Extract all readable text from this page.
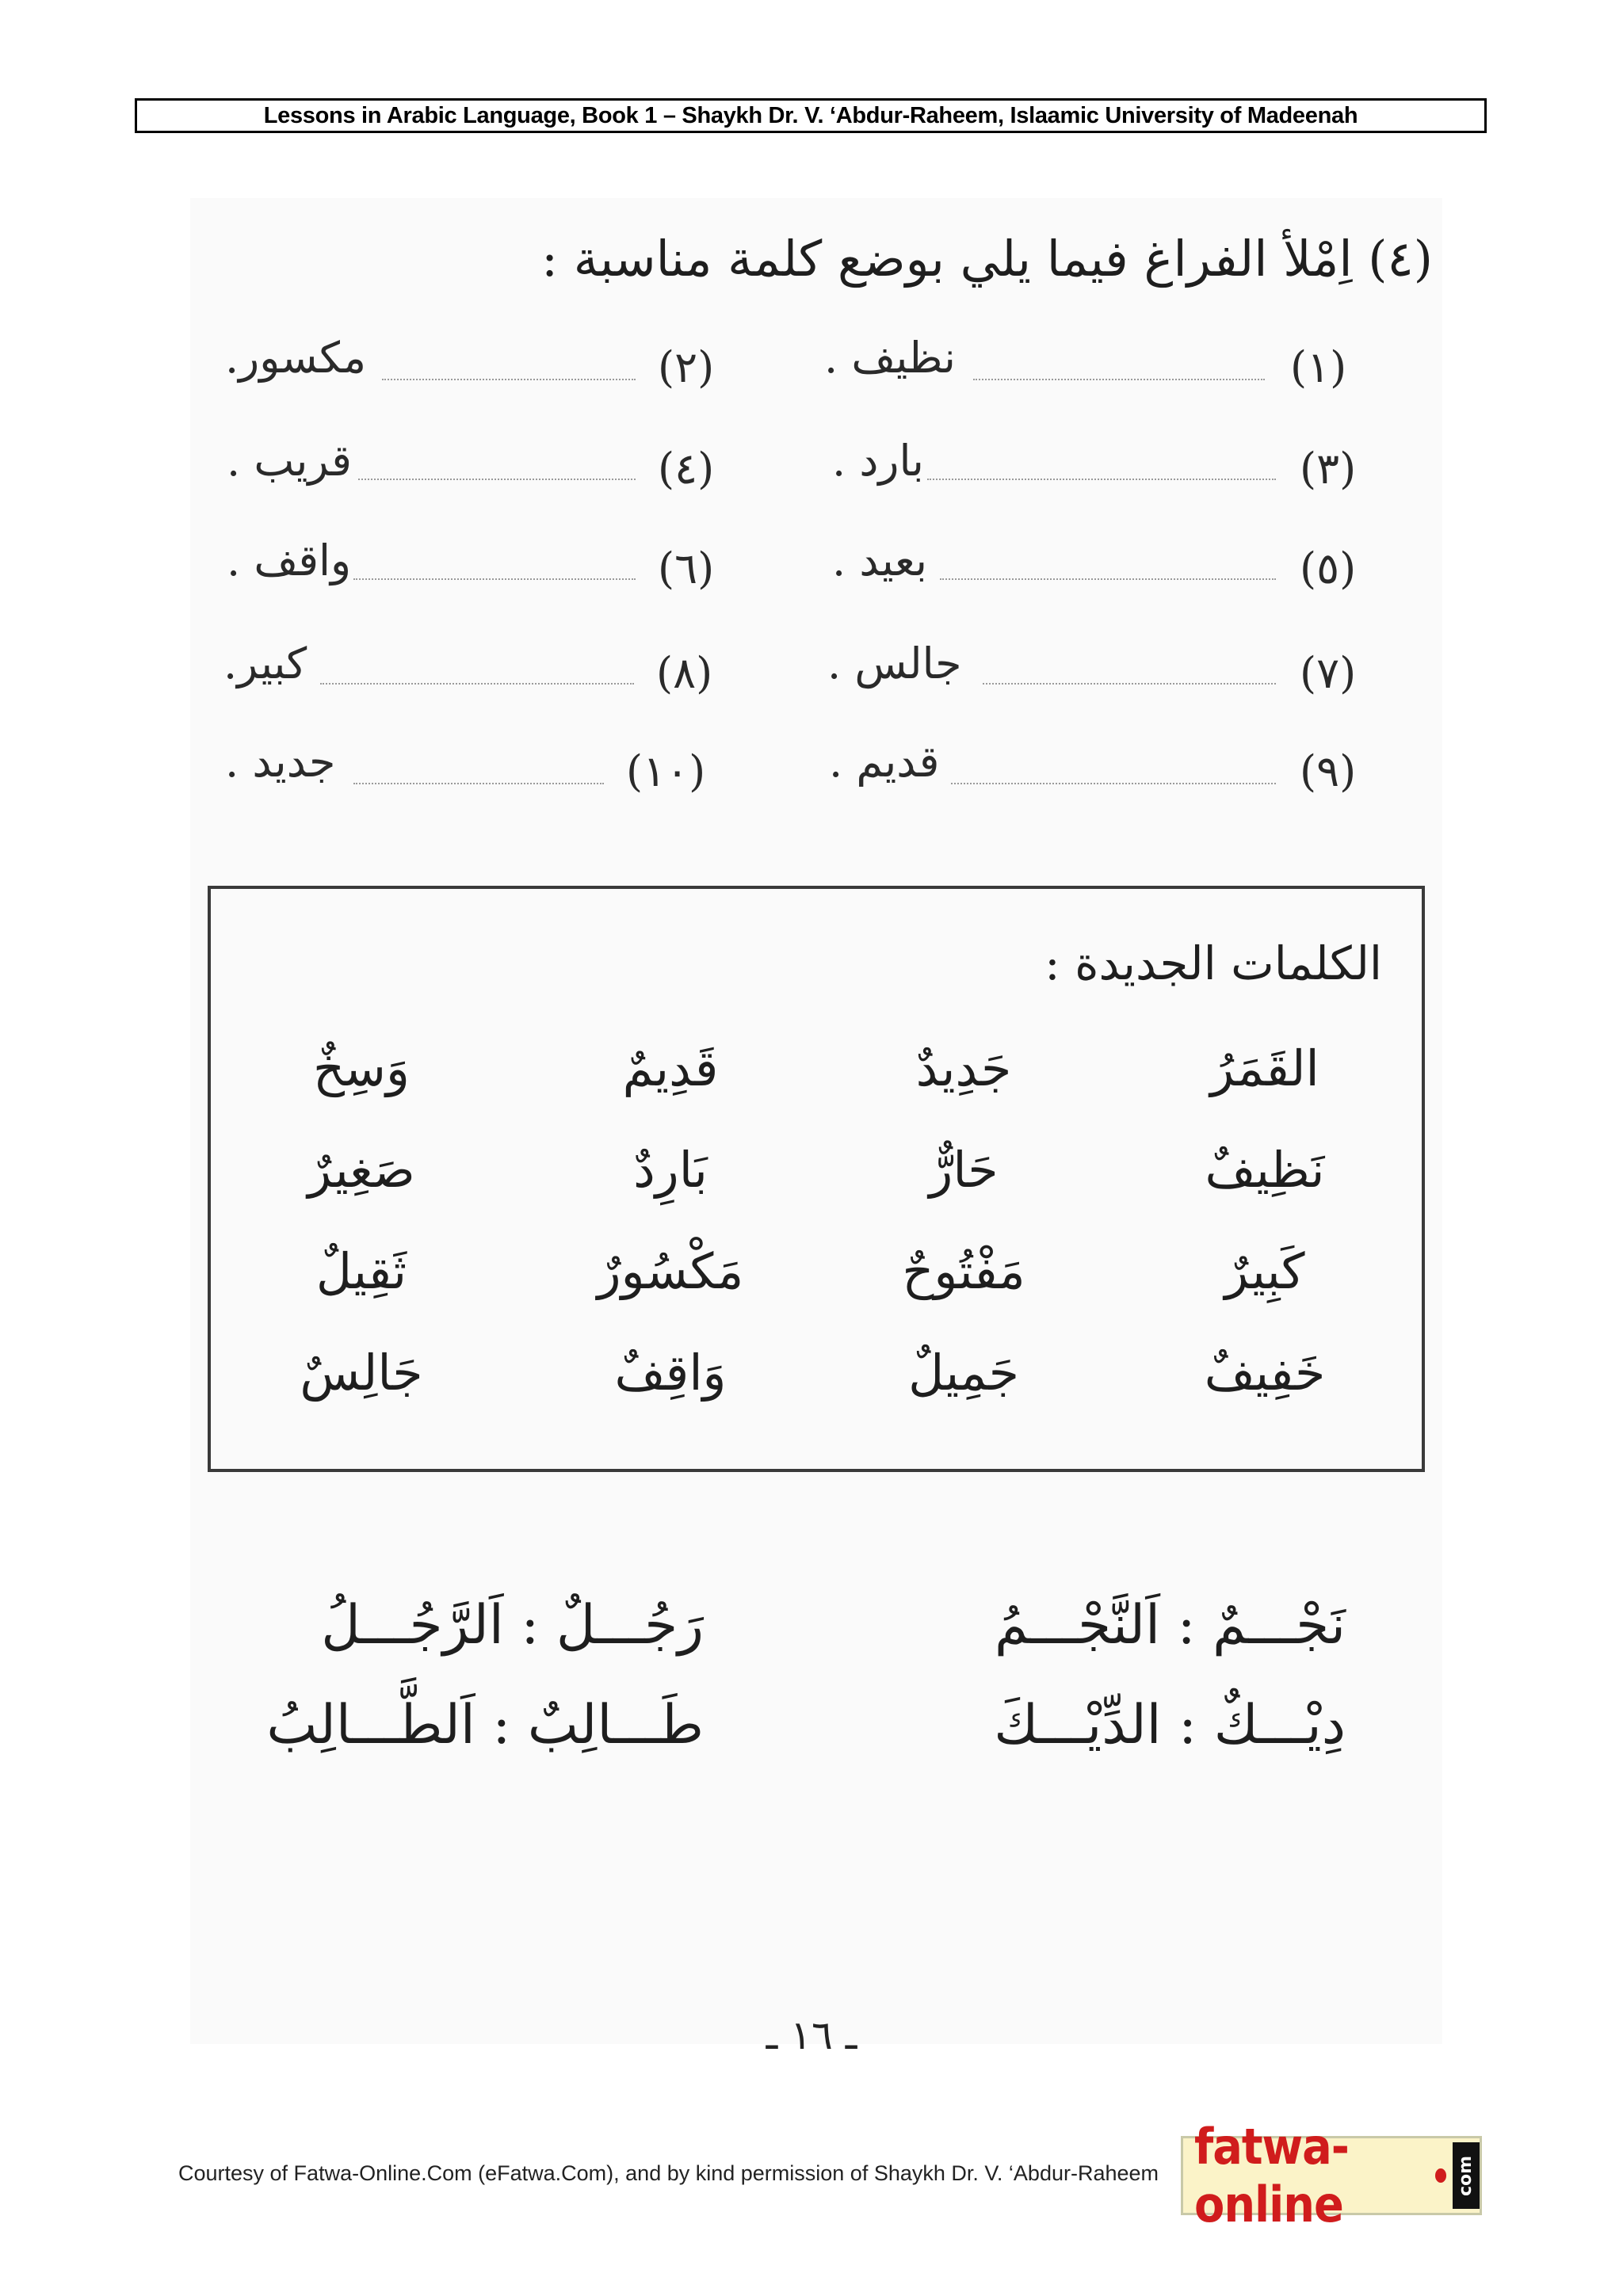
Lessons in Arabic Language, Book 1 – Shaykh Dr. V. ‘Abdur-Raheem, Islaamic University of Madeenah
(٤) اِمْلأ الفراغ فيما يلي بوضع كلمة مناسبة :
(١)
نظيف .
(٢)
مكسور.
(٣)
بارد .
(٤)
قريب .
(٥)
بعيد .
(٦)
واقف .
(٧)
جالس .
(٨)
كبير.
(٩)
قديم .
(١٠)
جديد .
الكلمات الجديدة :
القَمَرُ
جَدِيدٌ
قَدِيمٌ
وَسِخٌ
نَظِيفٌ
حَارٌّ
بَارِدٌ
صَغِيرٌ
كَبِيرٌ
مَفْتُوحٌ
مَكْسُورٌ
ثَقِيلٌ
خَفِيفٌ
جَمِيلٌ
وَاقِفٌ
جَالِسٌ
نَجْـــمٌ : اَلنَّجْـــمُ
رَجُـــلٌ : اَلرَّجُـــلُ
دِيْـــكٌ : الدِّيْـــكَ
طَـــالِبٌ : اَلطَّـــالِبُ
ـ ١٦ ـ
Courtesy of Fatwa-Online.Com (eFatwa.Com), and by kind permission of Shaykh Dr. V. ‘Abdur-Raheem fatwa-online	com
